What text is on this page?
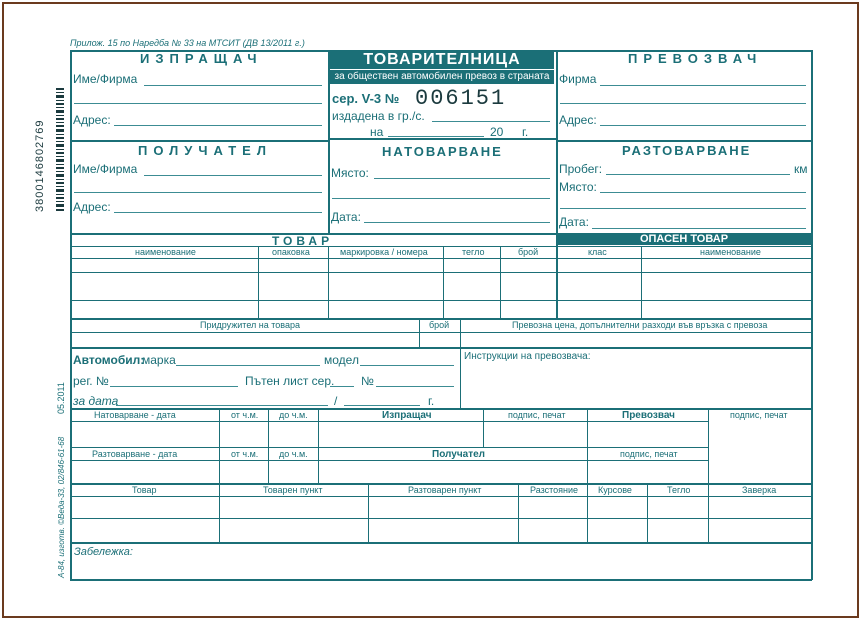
3800146802769
05.2011
А-84, изготв. ©Веда-33, 02/846-61-68
Прилож. 15 по Наредба № 33 на МТСИТ (ДВ 13/2011 г.)
ИЗПРАЩАЧ
Име/Фирма
Адрес:
ТОВАРИТЕЛНИЦА
за обществен автомобилен превоз в страната
сер. V-3 № 006151
издадена в гр./с.
на	20 г.
ПРЕВОЗВАЧ
Фирма
Адрес:
ПОЛУЧАТЕЛ
Име/Фирма
Адрес:
НАТОВАРВАНЕ
Място:
Дата:
РАЗТОВАРВАНЕ
Пробег:	км
Място:
Дата:
ТОВАР	ОПАСЕН ТОВАР
наименование	опаковка	маркировка / номера	тегло	брой	клас	наименование
Придружител на товара	брой	Превозна цена, допълнителни разходи във връзка с превоза
Автомобил:
марка	модел
рег. №	Пътен лист сер. №
за дата	/	г.
Инструкции на превозвача:
Натоварване - дата	от ч.м. до ч.м.	Изпращач	подпис, печат	Превозвач	подпис, печат
Разтоварване - дата	от ч.м. до ч.м.	Получател	подпис, печат
Товар	Товарен пункт	Разтоварен пункт	Разстояние Курсове	Тегло	Заверка
Забележка:
